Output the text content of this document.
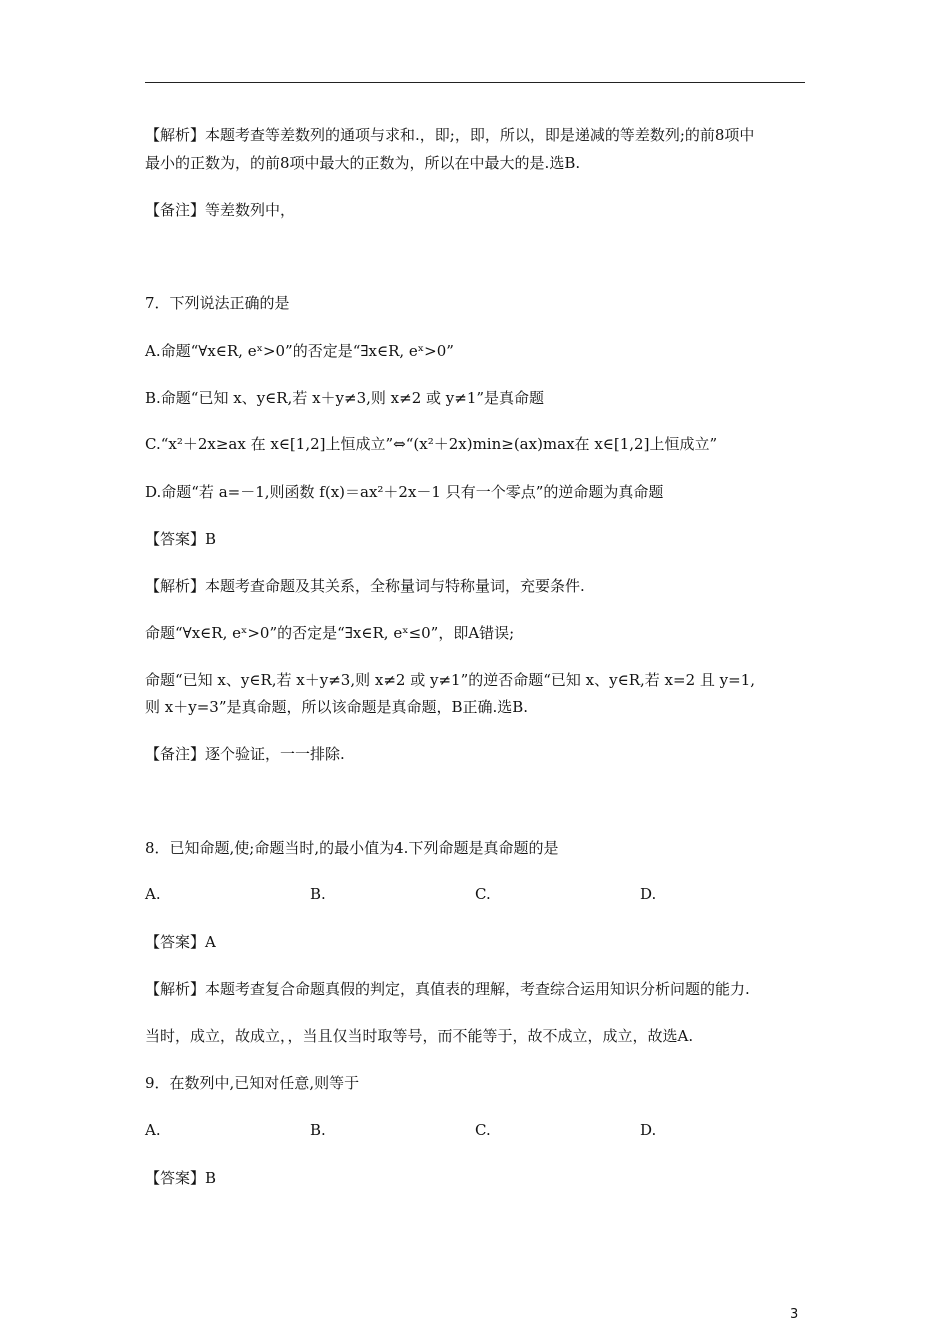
【解析】本题考查等差数列的通项与求和.，即;，即，所以，即是递减的等差数列;的前8项中
最小的正数为，的前8项中最大的正数为，所以在中最大的是.选B.
【备注】等差数列中，
7．下列说法正确的是
A.命题“∀x∈R, eˣ>0”的否定是“∃x∈R, eˣ>0”
B.命题“已知 x、y∈R,若 x＋y≠3,则 x≠2 或 y≠1”是真命题
C.“x²＋2x≥ax 在 x∈[1,2]上恒成立”⇔“(x²＋2x)min≥(ax)max在 x∈[1,2]上恒成立”
D.命题“若 a=－1,则函数 f(x)＝ax²＋2x－1 只有一个零点”的逆命题为真命题
【答案】B
【解析】本题考查命题及其关系，全称量词与特称量词，充要条件.
命题“∀x∈R, eˣ>0”的否定是“∃x∈R, eˣ≤0”，即A错误;
命题“已知 x、y∈R,若 x＋y≠3,则 x≠2 或 y≠1”的逆否命题“已知 x、y∈R,若 x=2 且 y=1,
则 x＋y=3”是真命题，所以该命题是真命题，B正确.选B.
【备注】逐个验证，一一排除.
8．已知命题,使;命题当时,的最小值为4.下列命题是真命题的是
A.	B.	C.	D.
【答案】A
【解析】本题考查复合命题真假的判定，真值表的理解，考查综合运用知识分析问题的能力.
当时，成立，故成立，，当且仅当时取等号，而不能等于，故不成立，成立，故选A.
9．在数列中,已知对任意,则等于
A.	B.	C.	D.
【答案】B
3
